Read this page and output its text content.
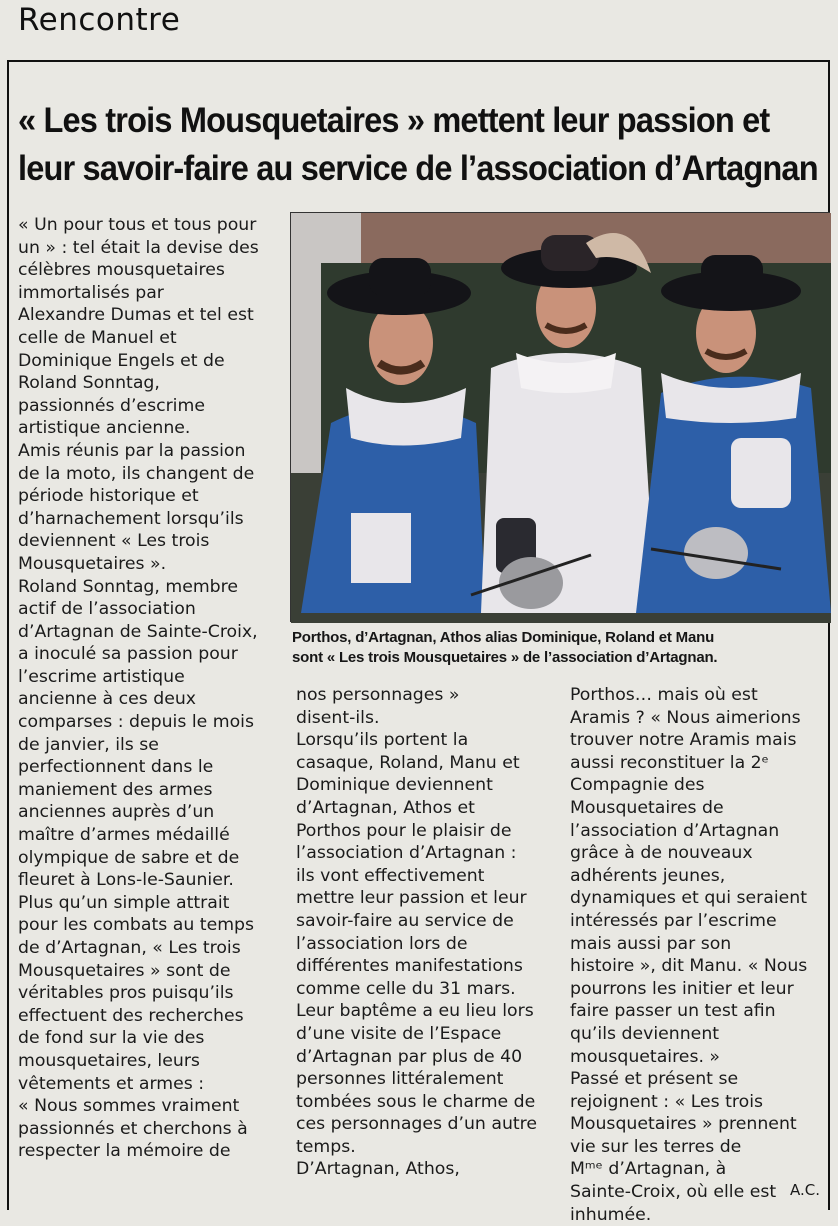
Rencontre
« Les trois Mousquetaires » mettent leur passion et
leur savoir-faire au service de l’association d’Artagnan
« Un pour tous et tous pour
un » : tel était la devise des
célèbres mousquetaires
immortalisés par
Alexandre Dumas et tel est
celle de Manuel et
Dominique Engels et de
Roland Sonntag,
passionnés d’escrime
artistique ancienne.
Amis réunis par la passion
de la moto, ils changent de
période historique et
d’harnachement lorsqu’ils
deviennent « Les trois
Mousquetaires ».
Roland Sonntag, membre
actif de l’association
d’Artagnan de Sainte-Croix,
a inoculé sa passion pour
l’escrime artistique
ancienne à ces deux
comparses : depuis le mois
de janvier, ils se
perfectionnent dans le
maniement des armes
anciennes auprès d’un
maître d’armes médaillé
olympique de sabre et de
fleuret à Lons-le-Saunier.
Plus qu’un simple attrait
pour les combats au temps
de d’Artagnan, « Les trois
Mousquetaires » sont de
véritables pros puisqu’ils
effectuent des recherches
de fond sur la vie des
mousquetaires, leurs
vêtements et armes :
« Nous sommes vraiment
passionnés et cherchons à
respecter la mémoire de
Porthos, d’Artagnan, Athos alias Dominique, Roland et Manu
sont « Les trois Mousquetaires » de l’association d’Artagnan.
nos personnages »
disent-ils.
Lorsqu’ils portent la
casaque, Roland, Manu et
Dominique deviennent
d’Artagnan, Athos et
Porthos pour le plaisir de
l’association d’Artagnan :
ils vont effectivement
mettre leur passion et leur
savoir-faire au service de
l’association lors de
différentes manifestations
comme celle du 31 mars.
Leur baptême a eu lieu lors
d’une visite de l’Espace
d’Artagnan par plus de 40
personnes littéralement
tombées sous le charme de
ces personnages d’un autre
temps.
D’Artagnan, Athos,
Porthos… mais où est
Aramis ? « Nous aimerions
trouver notre Aramis mais
aussi reconstituer la 2ᵉ
Compagnie des
Mousquetaires de
l’association d’Artagnan
grâce à de nouveaux
adhérents jeunes,
dynamiques et qui seraient
intéressés par l’escrime
mais aussi par son
histoire », dit Manu. « Nous
pourrons les initier et leur
faire passer un test afin
qu’ils deviennent
mousquetaires. »
Passé et présent se
rejoignent : « Les trois
Mousquetaires » prennent
vie sur les terres de
Mᵐᵉ d’Artagnan, à
Sainte-Croix, où elle est
inhumée.
A.C.
